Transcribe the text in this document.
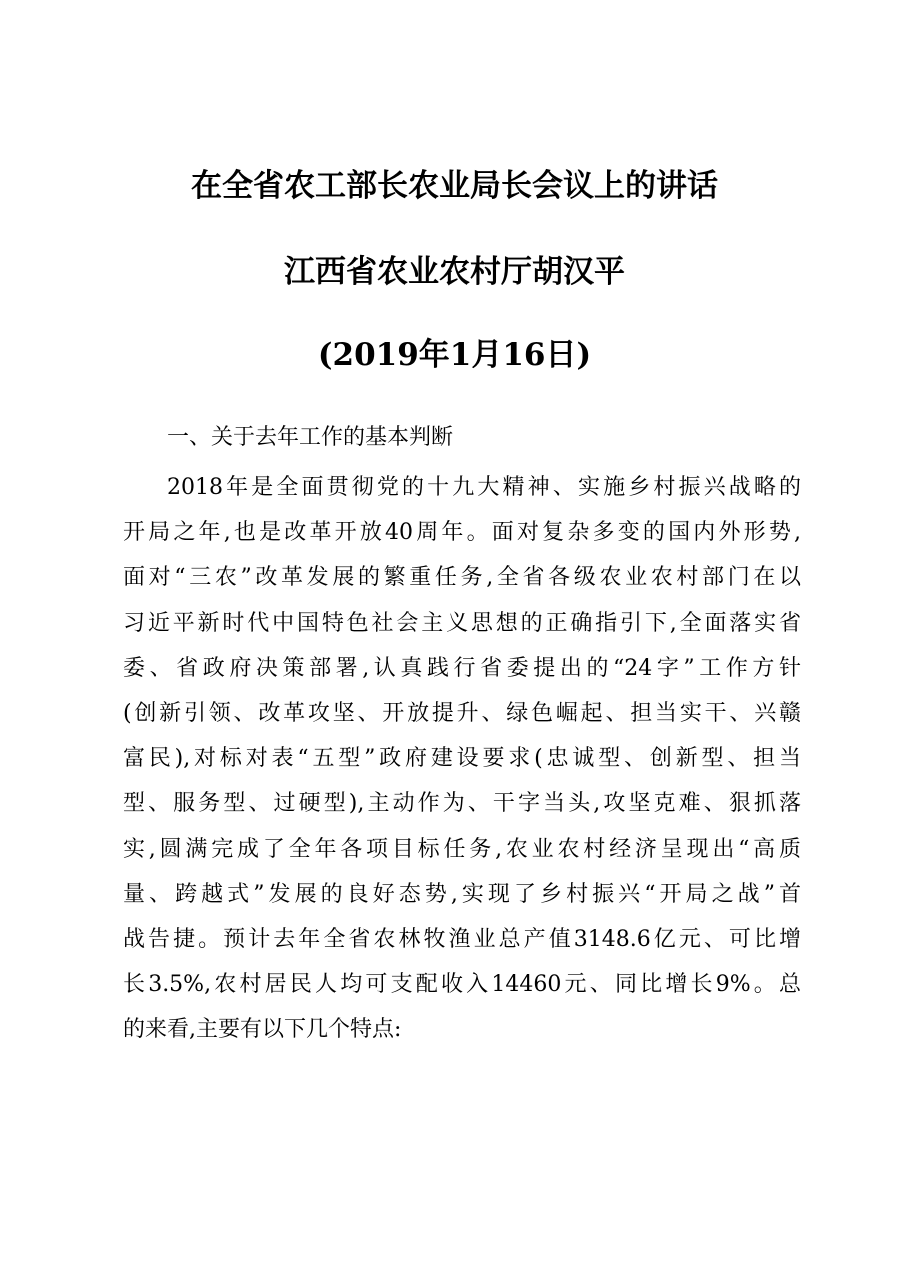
在全省农工部长农业局长会议上的讲话
江西省农业农村厅胡汉平
(2019年1月16日)
一、关于去年工作的基本判断

2018年是全面贯彻党的十九大精神、实施乡村振兴战略的
开局之年,也是改革开放40周年。面对复杂多变的国内外形势,
面对“三农”改革发展的繁重任务,全省各级农业农村部门在以
习近平新时代中国特色社会主义思想的正确指引下,全面落实省
委、省政府决策部署,认真践行省委提出的“24字”工作方针
(创新引领、改革攻坚、开放提升、绿色崛起、担当实干、兴赣
富民),对标对表“五型”政府建设要求(忠诚型、创新型、担当
型、服务型、过硬型),主动作为、干字当头,攻坚克难、狠抓落
实,圆满完成了全年各项目标任务,农业农村经济呈现出“高质
量、跨越式”发展的良好态势,实现了乡村振兴“开局之战”首
战告捷。预计去年全省农林牧渔业总产值3148.6亿元、可比增
长3.5%,农村居民人均可支配收入14460元、同比增长9%。总
的来看,主要有以下几个特点:
